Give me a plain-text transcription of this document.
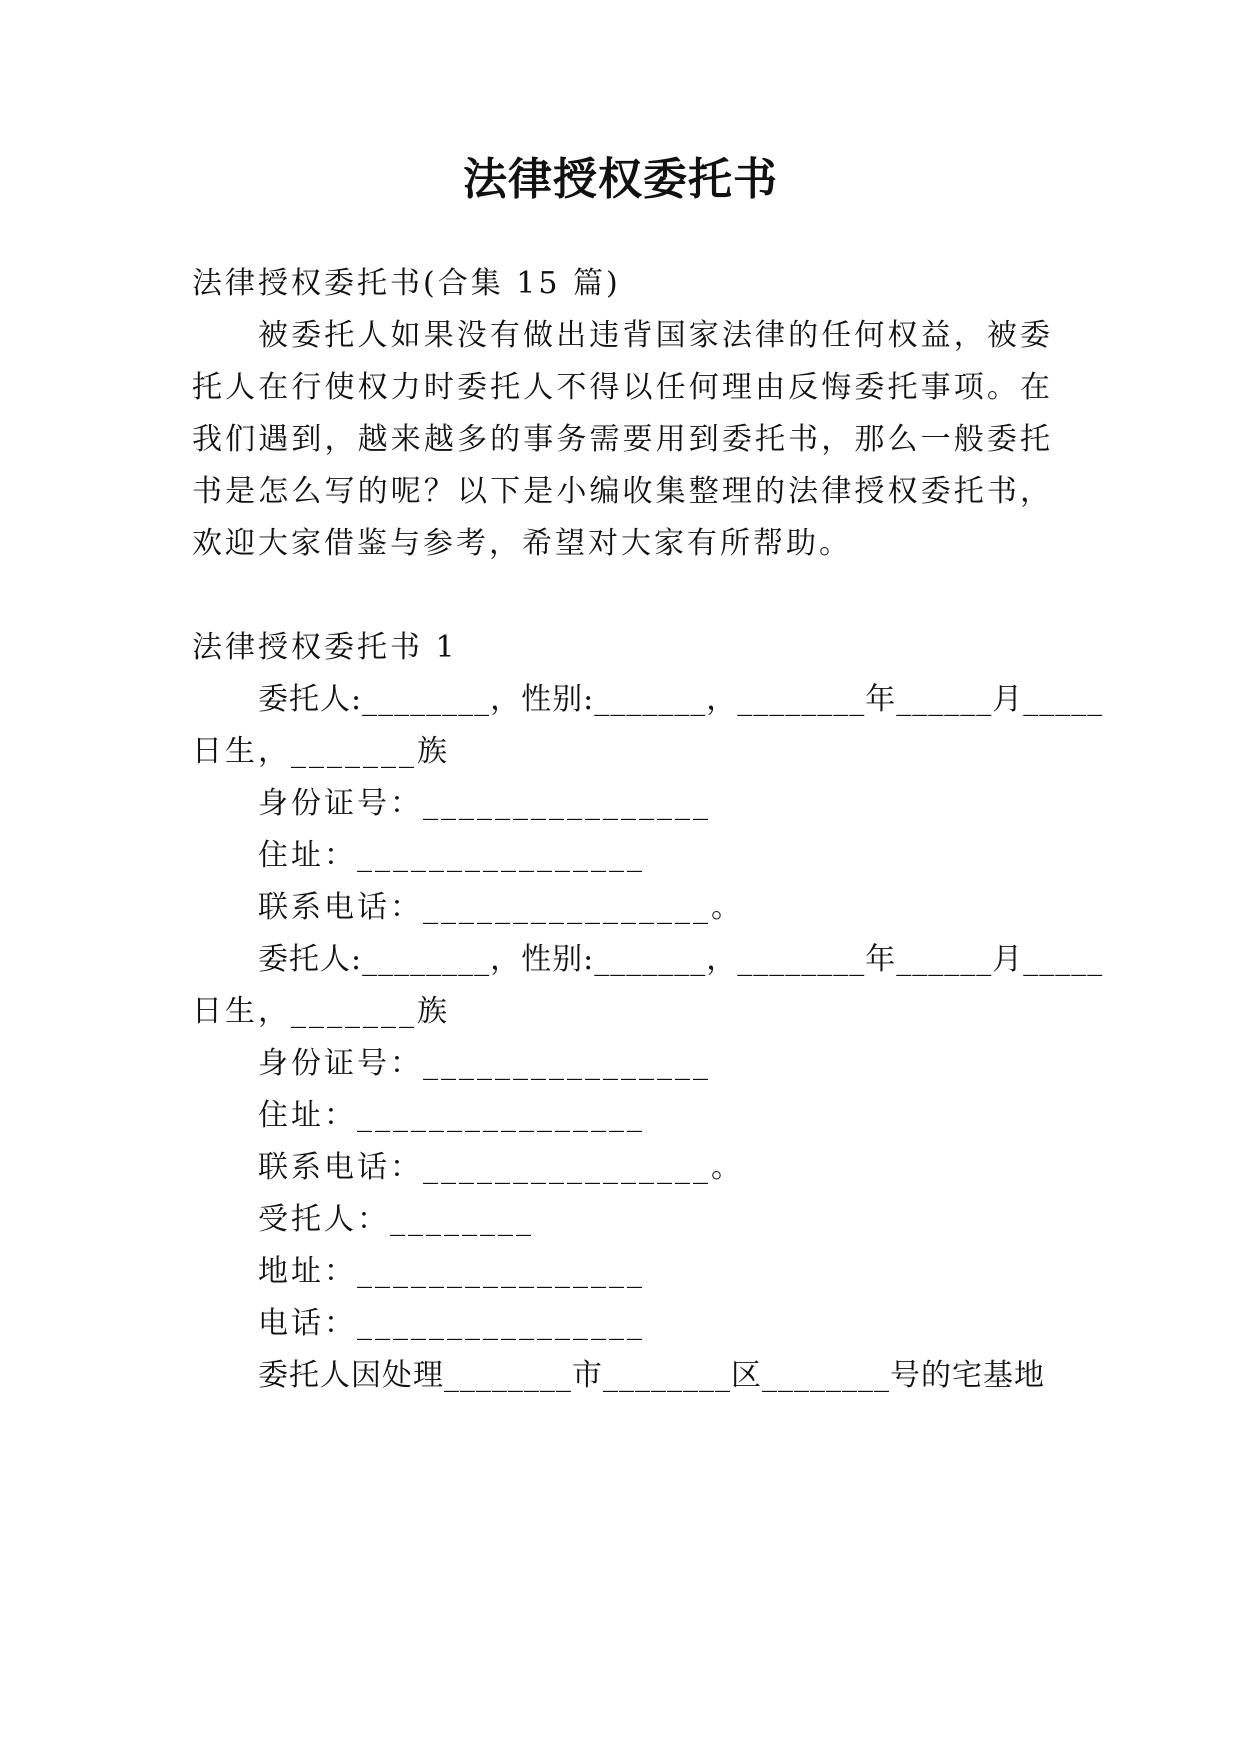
法律授权委托书
法律授权委托书(合集 15 篇)
被委托人如果没有做出违背国家法律的任何权益，被委
托人在行使权力时委托人不得以任何理由反悔委托事项。在
我们遇到，越来越多的事务需要用到委托书，那么一般委托
书是怎么写的呢？以下是小编收集整理的法律授权委托书，
欢迎大家借鉴与参考，希望对大家有所帮助。
法律授权委托书 1
委托人:________，性别:_______，________年______月_____
日生，_______族
身份证号：________________
住址：________________
联系电话：________________。
委托人:________，性别:_______，________年______月_____
日生，_______族
身份证号：________________
住址：________________
联系电话：________________。
受托人：________
地址：________________
电话：________________
委托人因处理________市________区________号的宅基地
